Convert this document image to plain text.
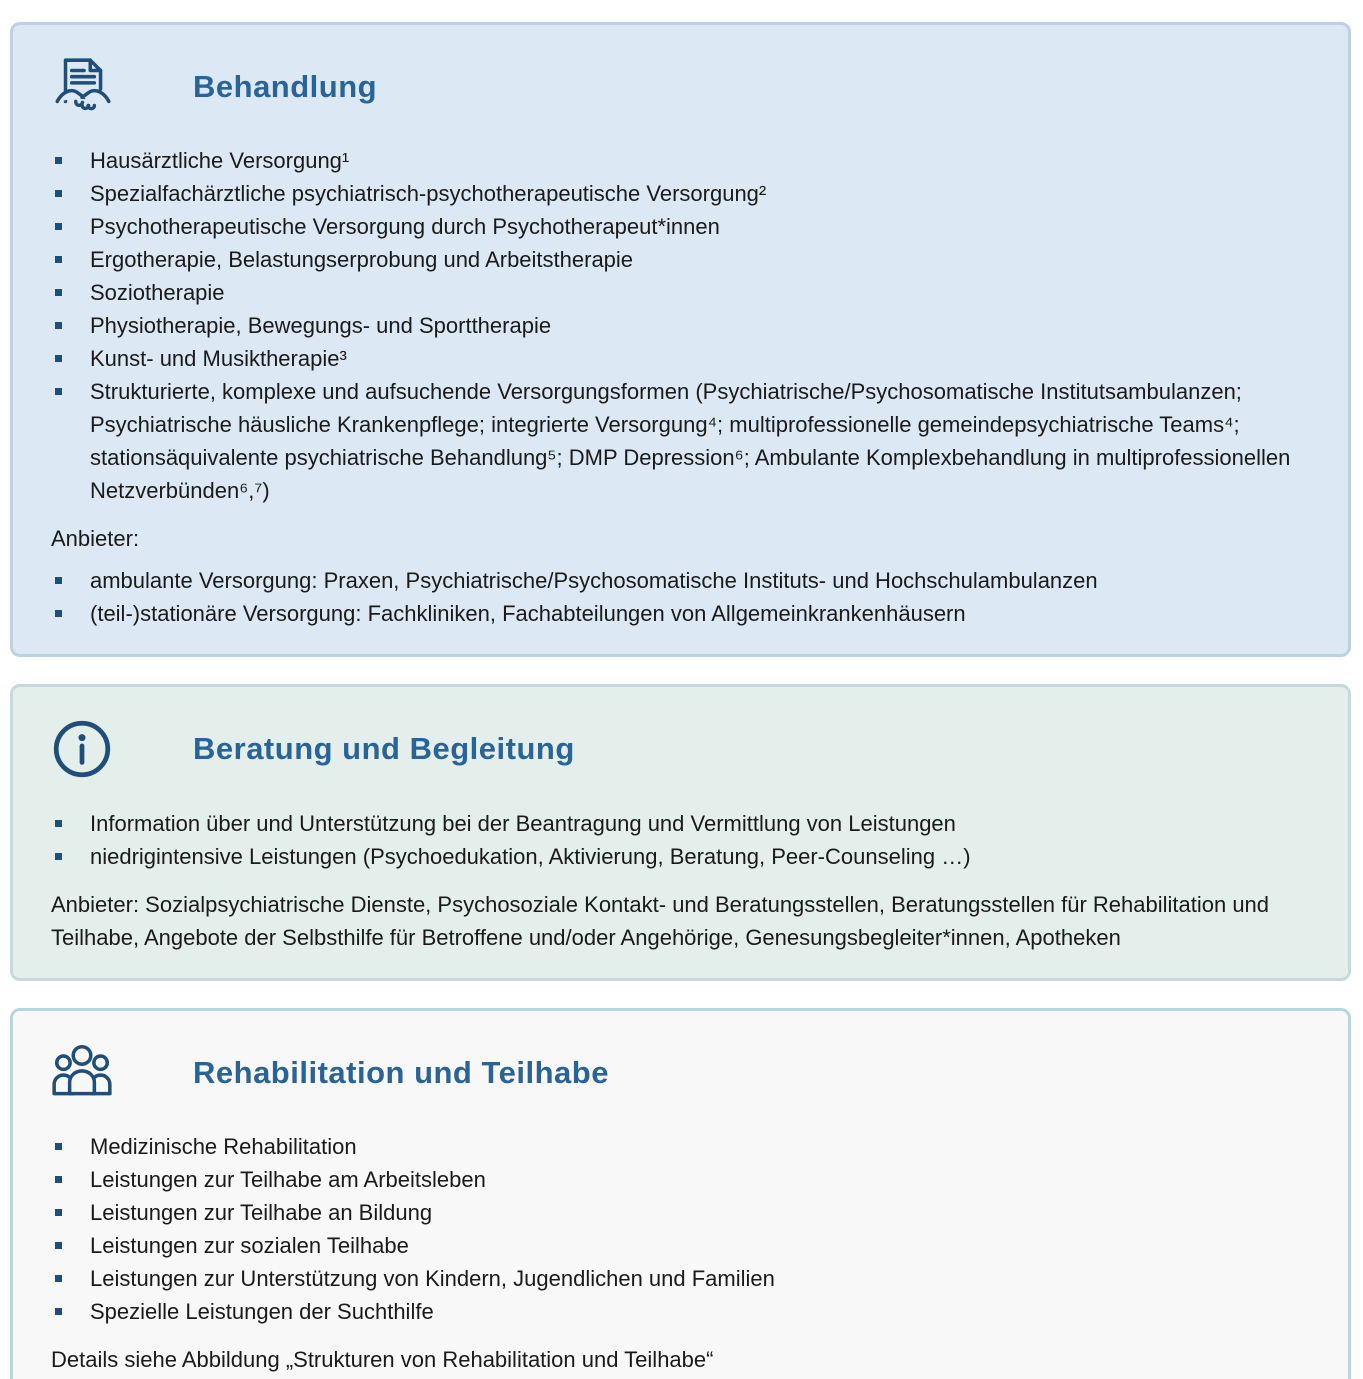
Behandlung
Hausärztliche Versorgung¹
Spezialfachärztliche psychiatrisch-psychotherapeutische Versorgung²
Psychotherapeutische Versorgung durch Psychotherapeut*innen
Ergotherapie, Belastungserprobung und Arbeitstherapie
Soziotherapie
Physiotherapie, Bewegungs- und Sporttherapie
Kunst- und Musiktherapie³
Strukturierte, komplexe und aufsuchende Versorgungsformen (Psychiatrische/Psychosomatische Institutsambulanzen; Psychiatrische häusliche Krankenpflege; integrierte Versorgung⁴; multiprofessionelle gemeindepsychiatrische Teams⁴; stationsäquivalente psychiatrische Behandlung⁵; DMP Depression⁶; Ambulante Komplexbehandlung in multiprofessionellen Netzverbünden⁶,⁷)

Anbieter:

ambulante Versorgung: Praxen, Psychiatrische/Psychosomatische Instituts- und Hochschulambulanzen
(teil-)stationäre Versorgung: Fachkliniken, Fachabteilungen von Allgemeinkrankenhäusern
Beratung und Begleitung
Information über und Unterstützung bei der Beantragung und Vermittlung von Leistungen
niedrigintensive Leistungen (Psychoedukation, Aktivierung, Beratung, Peer-Counseling …)

Anbieter: Sozialpsychiatrische Dienste, Psychosoziale Kontakt- und Beratungsstellen, Beratungsstellen für Rehabilitation und Teilhabe, Angebote der Selbsthilfe für Betroffene und/oder Angehörige, Genesungsbegleiter*innen, Apotheken

Rehabilitation und Teilhabe
Medizinische Rehabilitation
Leistungen zur Teilhabe am Arbeitsleben
Leistungen zur Teilhabe an Bildung
Leistungen zur sozialen Teilhabe
Leistungen zur Unterstützung von Kindern, Jugendlichen und Familien
Spezielle Leistungen der Suchthilfe

Details siehe Abbildung „Strukturen von Rehabilitation und Teilhabe“
